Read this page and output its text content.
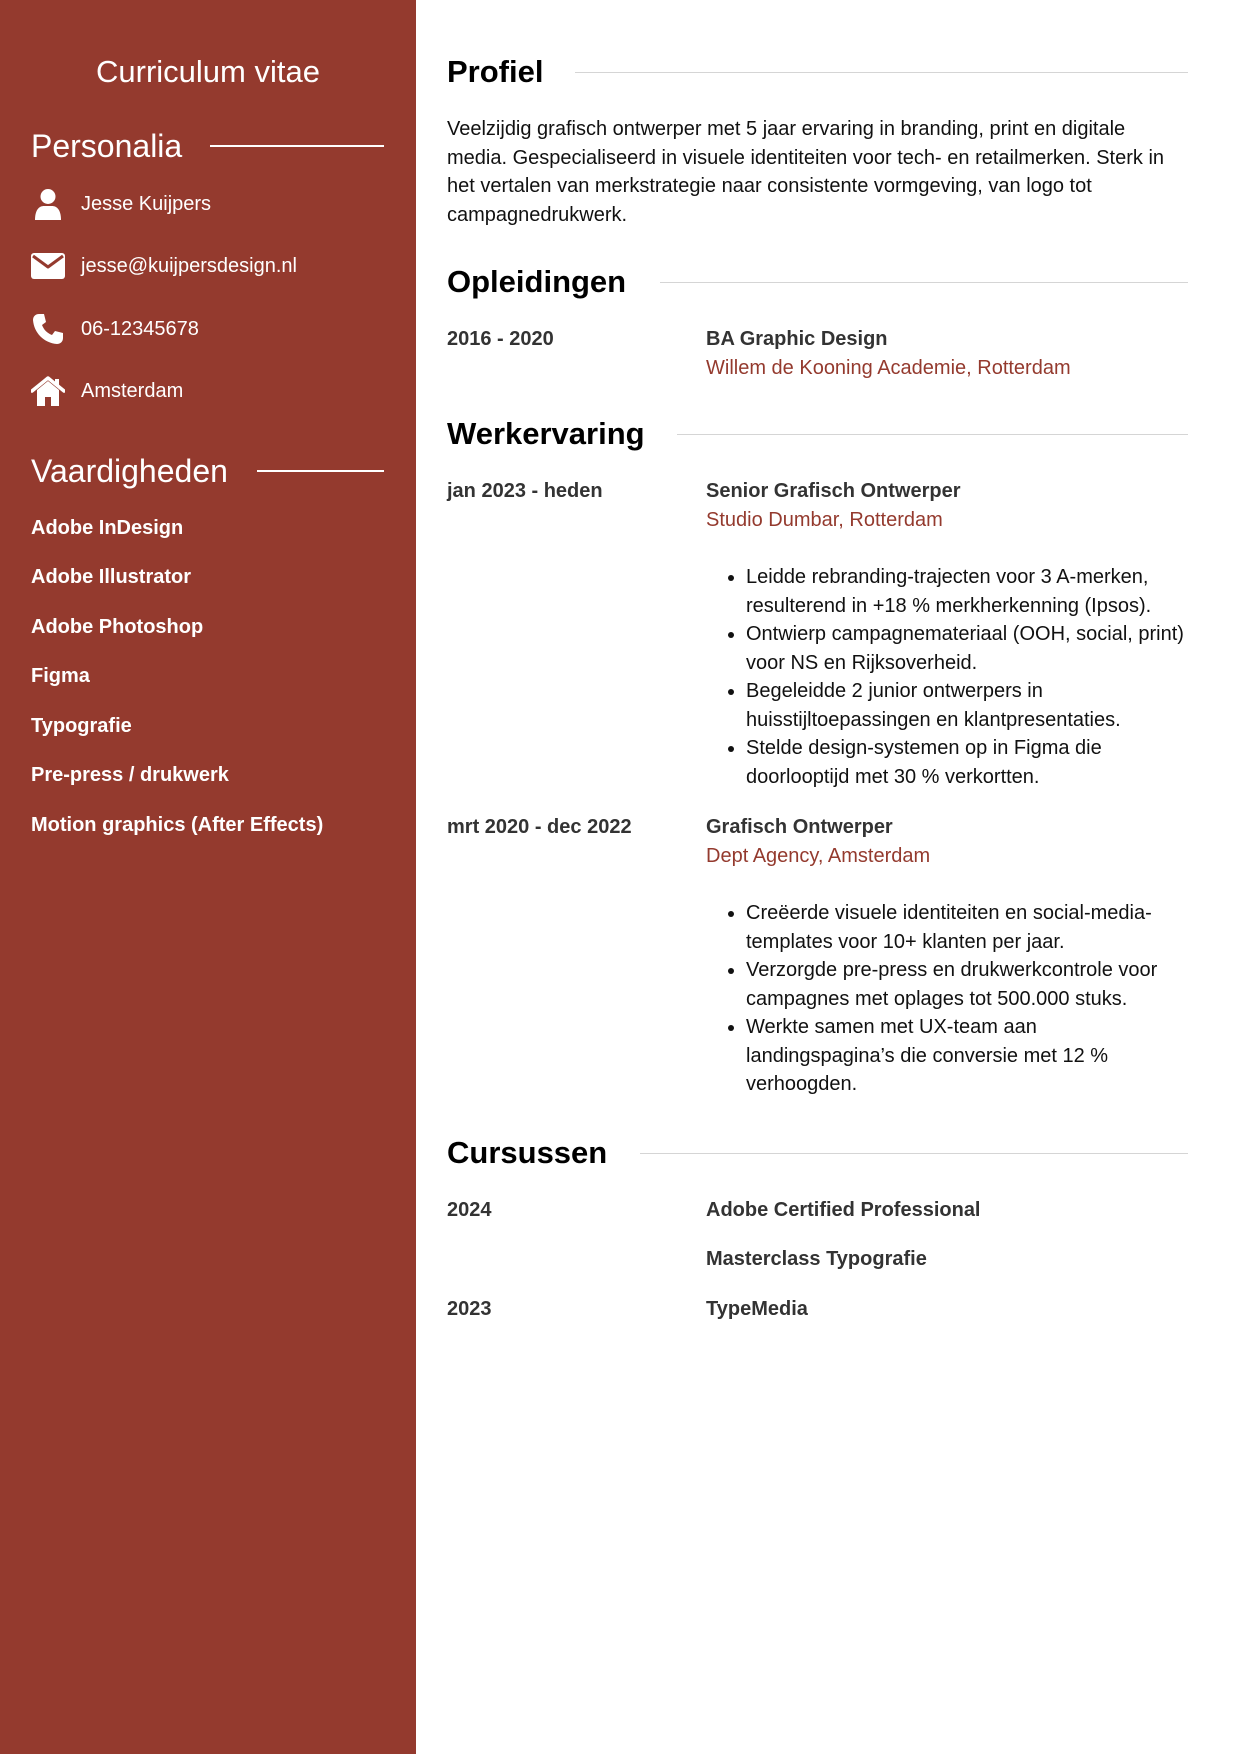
Curriculum vitae
Personalia
Jesse Kuijpers
jesse@kuijpersdesign.nl
06-12345678
Amsterdam
Vaardigheden
Adobe InDesign
Adobe Illustrator
Adobe Photoshop
Figma
Typografie
Pre-press / drukwerk
Motion graphics (After Effects)
Profiel
Veelzijdig grafisch ontwerper met 5 jaar ervaring in branding, print en digitale media. Gespecialiseerd in visuele identiteiten voor tech- en retailmerken. Sterk in het vertalen van merkstrategie naar consistente vormgeving, van logo tot campagnedrukwerk.
Opleidingen
2016 - 2020	BA Graphic Design
Willem de Kooning Academie, Rotterdam
Werkervaring
jan 2023 - heden	Senior Grafisch Ontwerper
Studio Dumbar, Rotterdam
• Leidde rebranding-trajecten voor 3 A-merken, resulterend in +18 % merkherkenning (Ipsos).
• Ontwierp campagnemateriaal (OOH, social, print) voor NS en Rijksoverheid.
• Begeleidde 2 junior ontwerpers in huisstijltoepassingen en klantpresentaties.
• Stelde design-systemen op in Figma die doorlooptijd met 30 % verkortten.
mrt 2020 - dec 2022	Grafisch Ontwerper
Dept Agency, Amsterdam
• Creëerde visuele identiteiten en social-media-templates voor 10+ klanten per jaar.
• Verzorgde pre-press en drukwerkcontrole voor campagnes met oplages tot 500.000 stuks.
• Werkte samen met UX-team aan landingspagina’s die conversie met 12 % verhoogden.
Cursussen
2024	Adobe Certified Professional
Masterclass Typografie
2023	TypeMedia
